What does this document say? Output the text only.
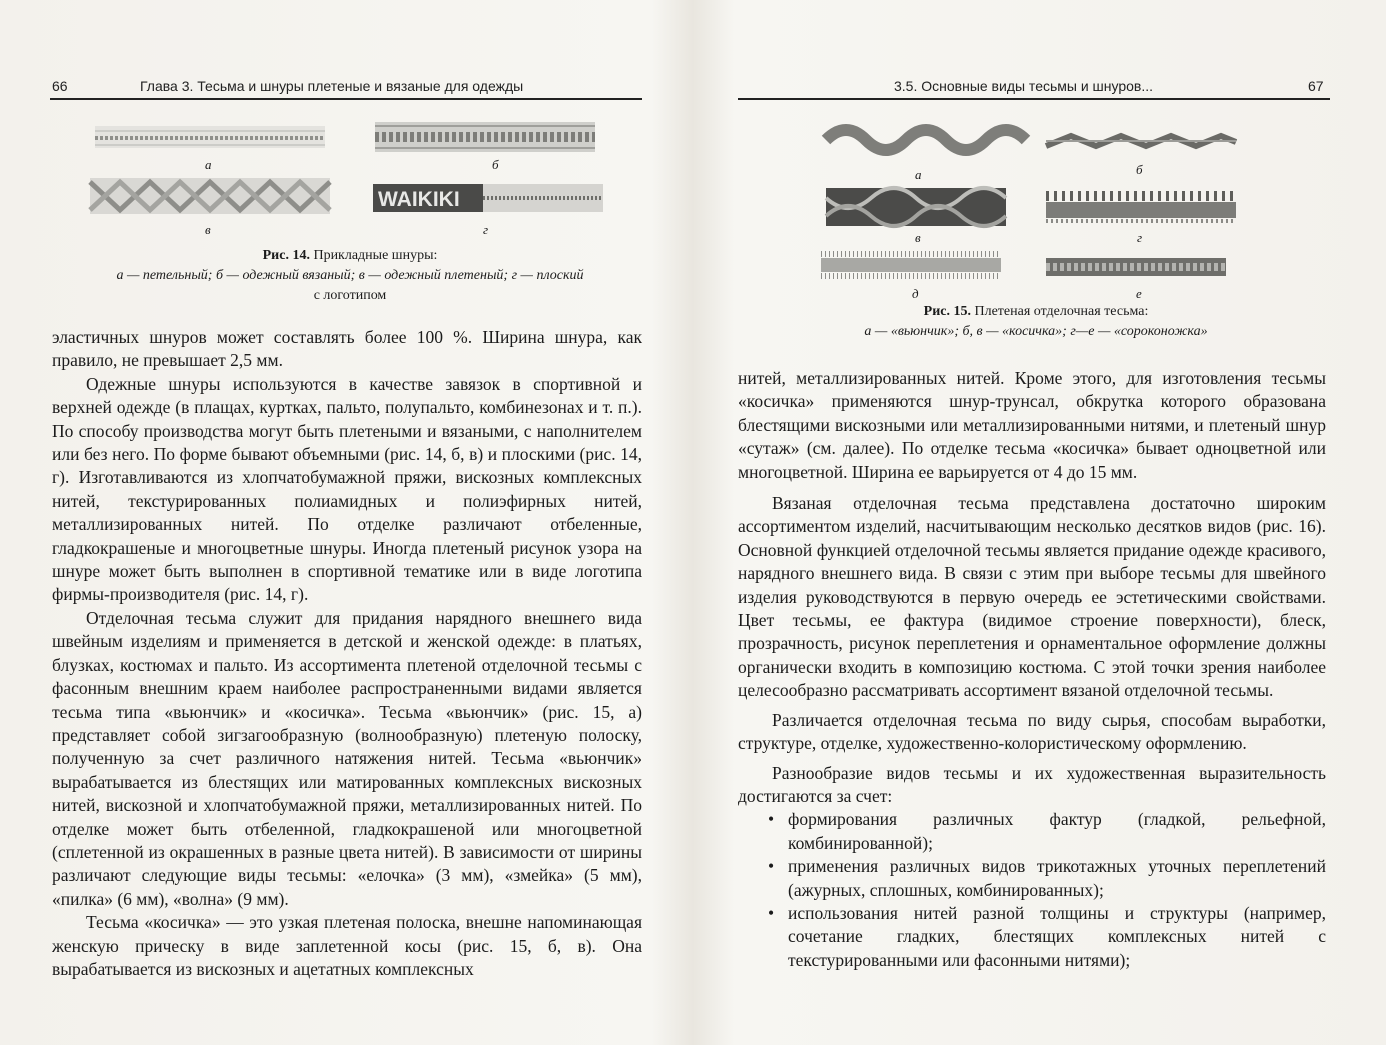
66	Глава 3. Тесьма и шнуры плетеные и вязаные для одежды
WAIKIKI
а	б
в	г
Рис. 14. Прикладные шнуры:
а — петельный; б — одежный вязаный; в — одежный плетеный; г — плоский
с логотипом

эластичных шнуров может составлять более 100 %. Ширина шнура, как правило, не превышает 2,5 мм.

Одежные шнуры используются в качестве завязок в спортивной и верхней одежде (в плащах, куртках, пальто, полупальто, комбинезонах и т. п.). По способу производства могут быть плетеными и вязаными, с наполнителем или без него. По форме бывают объемными (рис. 14, б, в) и плоскими (рис. 14, г). Изготавливаются из хлопчатобумажной пряжи, вискозных комплексных нитей, текстурированных полиамидных и полиэфирных нитей, металлизированных нитей. По отделке различают отбеленные, гладкокрашеные и многоцветные шнуры. Иногда плетеный рисунок узора на шнуре может быть выполнен в спортивной тематике или в виде логотипа фирмы-производителя (рис. 14, г).

Отделочная тесьма служит для придания нарядного внешнего вида швейным изделиям и применяется в детской и женской одежде: в платьях, блузках, костюмах и пальто. Из ассортимента плетеной отделочной тесьмы с фасонным внешним краем наиболее распространенными видами является тесьма типа «вьюнчик» и «косичка». Тесьма «вьюнчик» (рис. 15, а) представляет собой зигзагообразную (волнообразную) плетеную полоску, полученную за счет различного натяжения нитей. Тесьма «вьюнчик» вырабатывается из блестящих или матированных комплексных вискозных нитей, вискозной и хлопчатобумажной пряжи, металлизированных нитей. По отделке может быть отбеленной, гладкокрашеной или многоцветной (сплетенной из окрашенных в разные цвета нитей). В зависимости от ширины различают следующие виды тесьмы: «елочка» (3 мм), «змейка» (5 мм), «пилка» (6 мм), «волна» (9 мм).

Тесьма «косичка» — это узкая плетеная полоска, внешне напоминающая женскую прическу в виде заплетенной косы (рис. 15, б, в). Она вырабатывается из вискозных и ацетатных комплексных

3.5. Основные виды тесьмы и шнуров...	67
а	б
в	г
д	е
Рис. 15. Плетеная отделочная тесьма:
а — «вьюнчик»; б, в — «косичка»; г—е — «сороконожка»

нитей, металлизированных нитей. Кроме этого, для изготовления тесьмы «косичка» применяются шнур-трунсал, обкрутка которого образована блестящими вискозными или металлизированными нитями, и плетеный шнур «сутаж» (см. далее). По отделке тесьма «косичка» бывает одноцветной или многоцветной. Ширина ее варьируется от 4 до 15 мм.

Вязаная отделочная тесьма представлена достаточно широким ассортиментом изделий, насчитывающим несколько десятков видов (рис. 16). Основной функцией отделочной тесьмы является придание одежде красивого, нарядного внешнего вида. В связи с этим при выборе тесьмы для швейного изделия руководствуются в первую очередь ее эстетическими свойствами. Цвет тесьмы, ее фактура (видимое строение поверхности), блеск, прозрачность, рисунок переплетения и орнаментальное оформление должны органически входить в композицию костюма. С этой точки зрения наиболее целесообразно рассматривать ассортимент вязаной отделочной тесьмы.

Различается отделочная тесьма по виду сырья, способам выработки, структуре, отделке, художественно-колористическому оформлению.

Разнообразие видов тесьмы и их художественная выразительность достигаются за счет:

• формирования различных фактур (гладкой, рельефной, комбинированной);
• применения различных видов трикотажных уточных переплетений (ажурных, сплошных, комбинированных);
• использования нитей разной толщины и структуры (например, сочетание гладких, блестящих комплексных нитей с текстурированными или фасонными нитями);
